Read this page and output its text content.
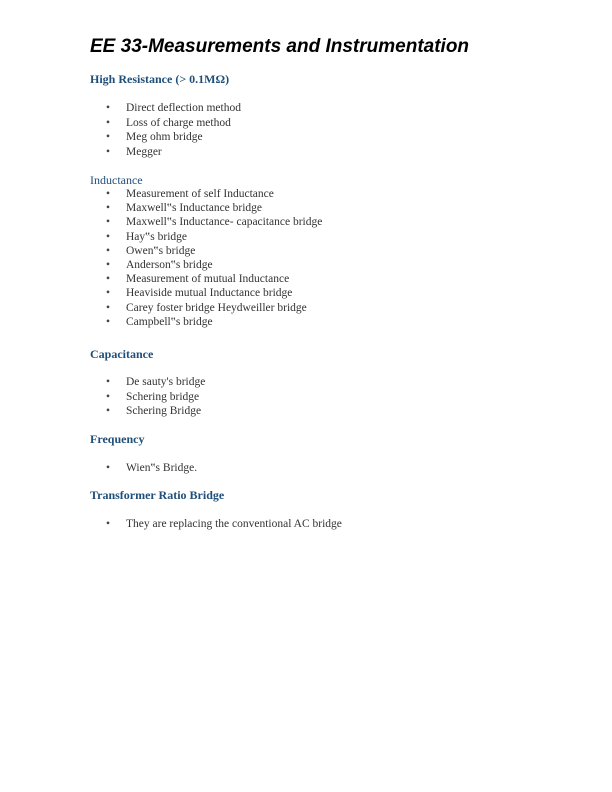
EE 33-Measurements and Instrumentation
High Resistance (> 0.1MΩ)
• Direct deflection method
• Loss of charge method
• Meg ohm bridge
• Megger
Inductance
• Measurement of self Inductance
• Maxwell‟s Inductance bridge
• Maxwell‟s Inductance- capacitance bridge
• Hay‟s bridge
• Owen‟s bridge
• Anderson‟s bridge
• Measurement of mutual Inductance
• Heaviside mutual Inductance bridge
• Carey foster bridge Heydweiller bridge
• Campbell‟s bridge
Capacitance
• De sauty's bridge
• Schering bridge
• Schering Bridge
Frequency
• Wien‟s Bridge.
Transformer Ratio Bridge
• They are replacing the conventional AC bridge
